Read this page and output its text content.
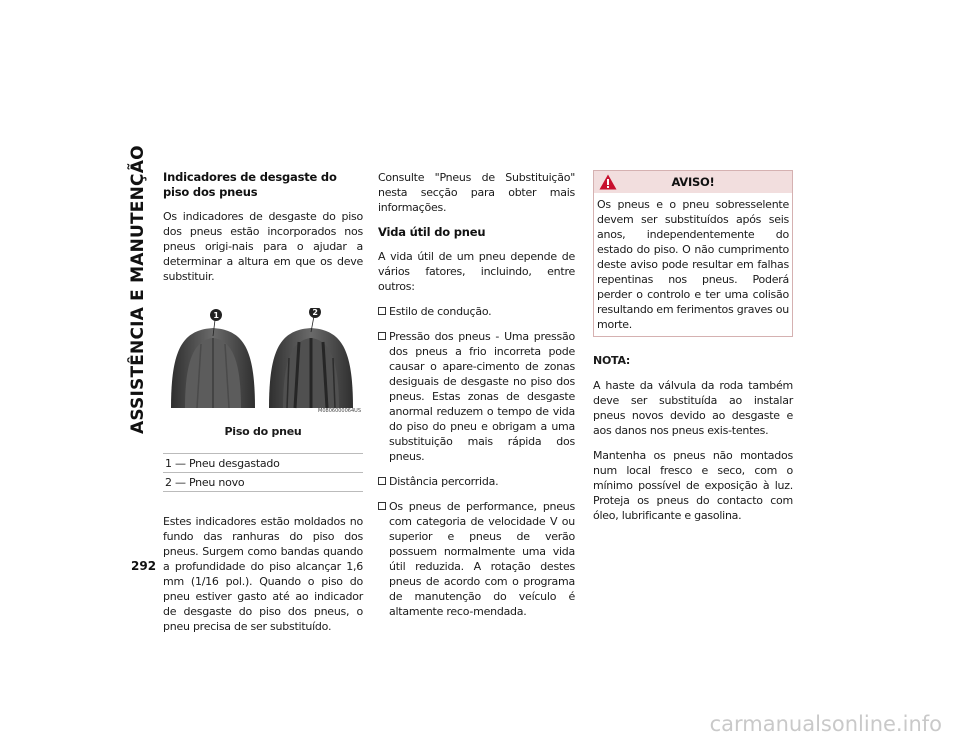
ASSISTÊNCIA E MANUTENÇÃO
292
Indicadores de desgaste do piso dos pneus

Os indicadores de desgaste do piso dos pneus estão incorporados nos pneus origi-nais para o ajudar a determinar a altura em que os deve substituir.

1	2
M0806000064US
Piso do pneu
1 — Pneu desgastado
2 — Pneu novo

Estes indicadores estão moldados no fundo das ranhuras do piso dos pneus. Surgem como bandas quando a profundidade do piso alcançar 1,6 mm (1/16 pol.). Quando o piso do pneu estiver gasto até ao indicador de desgaste do piso dos pneus, o pneu precisa de ser substituído.

Consulte "Pneus de Substituição" nesta secção para obter mais informações.

Vida útil do pneu

A vida útil de um pneu depende de vários fatores, incluindo, entre outros:

Estilo de condução.
Pressão dos pneus - Uma pressão dos pneus a frio incorreta pode causar o apare-cimento de zonas desiguais de desgaste no piso dos pneus. Estas zonas de desgaste anormal reduzem o tempo de vida do piso do pneu e obrigam a uma substituição mais rápida dos pneus.
Distância percorrida.
Os pneus de performance, pneus com categoria de velocidade V ou superior e pneus de verão possuem normalmente uma vida útil reduzida. A rotação destes pneus de acordo com o programa de manutenção do veículo é altamente reco-mendada.
AVISO!
Os pneus e o pneu sobresselente devem ser substituídos após seis anos, independentemente do estado do piso. O não cumprimento deste aviso pode resultar em falhas repentinas nos pneus. Poderá perder o controlo e ter uma colisão resultando em ferimentos graves ou morte.

NOTA:

A haste da válvula da roda também deve ser substituída ao instalar pneus novos devido ao desgaste e aos danos nos pneus exis-tentes.

Mantenha os pneus não montados num local fresco e seco, com o mínimo possível de exposição à luz. Proteja os pneus do contacto com óleo, lubrificante e gasolina.

carmanualsonline.info
